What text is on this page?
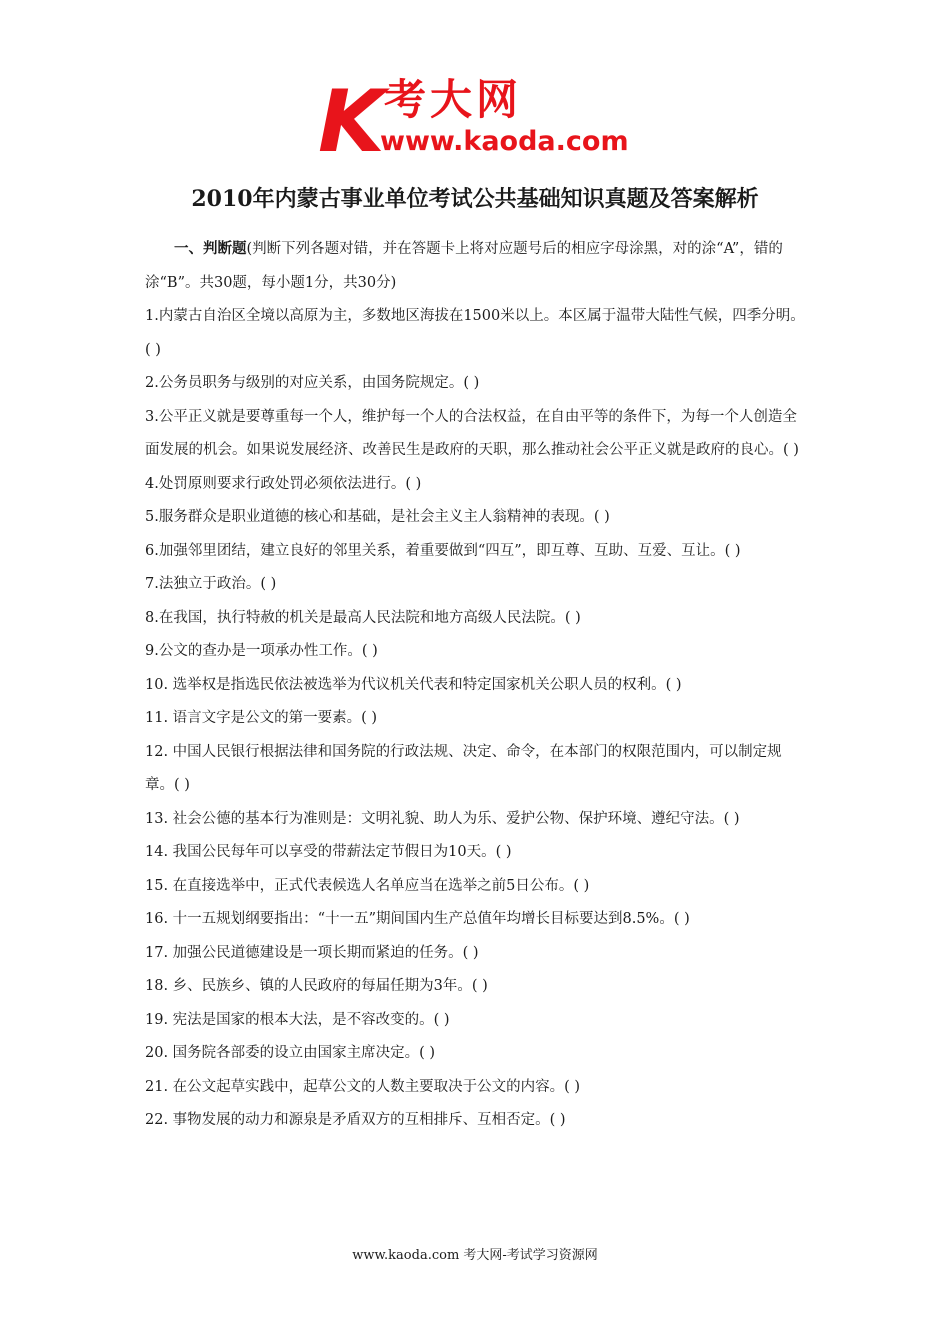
K 考大网
www.kaoda.com
2010年内蒙古事业单位考试公共基础知识真题及答案解析

一、判断题(判断下列各题对错，并在答题卡上将对应题号后的相应字母涂黑，对的涂“A”，错的涂“B”。共30题，每小题1分，共30分)

1.内蒙古自治区全境以高原为主，多数地区海拔在1500米以上。本区属于温带大陆性气候，四季分明。( )

2.公务员职务与级别的对应关系，由国务院规定。( )

3.公平正义就是要尊重每一个人，维护每一个人的合法权益，在自由平等的条件下，为每一个人创造全面发展的机会。如果说发展经济、改善民生是政府的天职，那么推动社会公平正义就是政府的良心。( )

4.处罚原则要求行政处罚必须依法进行。( )

5.服务群众是职业道德的核心和基础，是社会主义主人翁精神的表现。( )

6.加强邻里团结，建立良好的邻里关系，着重要做到“四互”，即互尊、互助、互爱、互让。( )

7.法独立于政治。( )

8.在我国，执行特赦的机关是最高人民法院和地方高级人民法院。( )

9.公文的查办是一项承办性工作。( )

10. 选举权是指选民依法被选举为代议机关代表和特定国家机关公职人员的权利。( )

11. 语言文字是公文的第一要素。( )

12. 中国人民银行根据法律和国务院的行政法规、决定、命令，在本部门的权限范围内，可以制定规章。( )

13. 社会公德的基本行为准则是：文明礼貌、助人为乐、爱护公物、保护环境、遵纪守法。( )

14. 我国公民每年可以享受的带薪法定节假日为10天。( )

15. 在直接选举中，正式代表候选人名单应当在选举之前5日公布。( )

16. 十一五规划纲要指出：“十一五”期间国内生产总值年均增长目标要达到8.5%。( )

17. 加强公民道德建设是一项长期而紧迫的任务。( )

18. 乡、民族乡、镇的人民政府的每届任期为3年。( )

19. 宪法是国家的根本大法，是不容改变的。( )

20. 国务院各部委的设立由国家主席决定。( )

21. 在公文起草实践中，起草公文的人数主要取决于公文的内容。( )

22. 事物发展的动力和源泉是矛盾双方的互相排斥、互相否定。( )

www.kaoda.com 考大网-考试学习资源网
